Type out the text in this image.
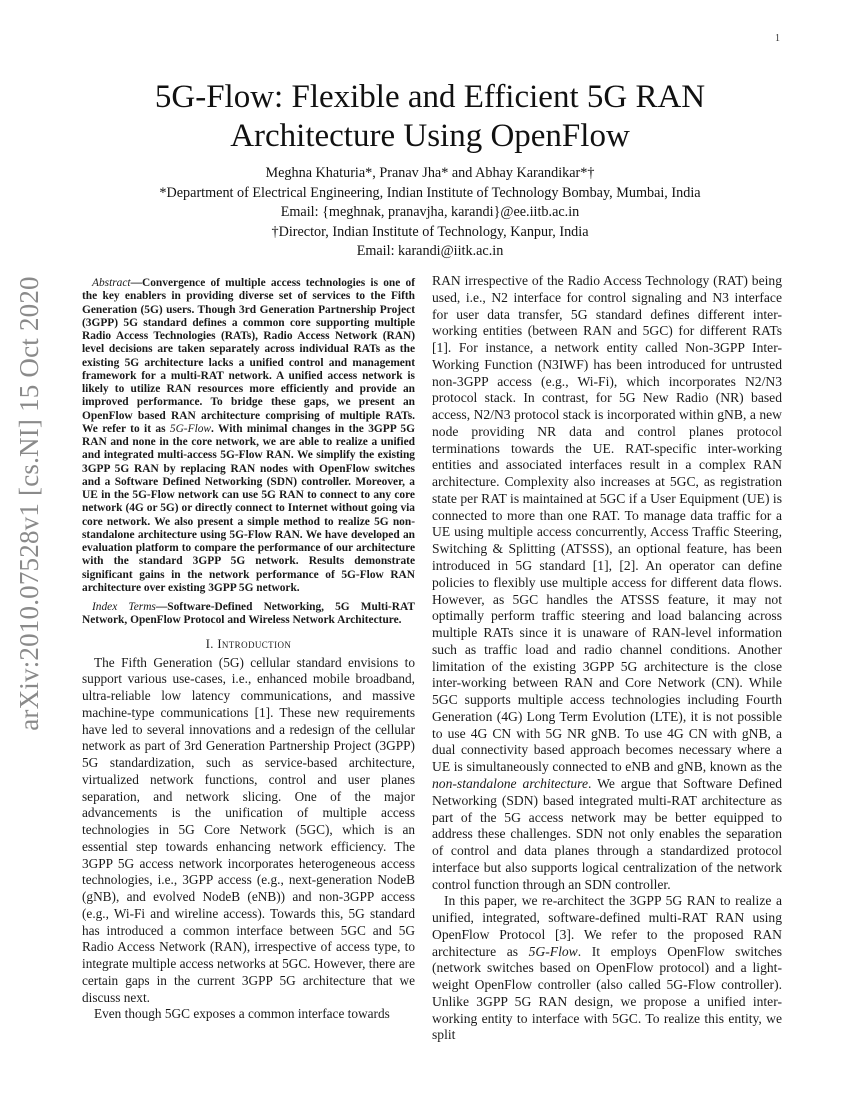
1
arXiv:2010.07528v1 [cs.NI] 15 Oct 2020
5G-Flow: Flexible and Efficient 5G RAN
Architecture Using OpenFlow
Meghna Khaturia*, Pranav Jha* and Abhay Karandikar*†
*Department of Electrical Engineering, Indian Institute of Technology Bombay, Mumbai, India
Email: {meghnak, pranavjha, karandi}@ee.iitb.ac.in
†Director, Indian Institute of Technology, Kanpur, India
Email: karandi@iitk.ac.in

Abstract—Convergence of multiple access technologies is one of the key enablers in providing diverse set of services to the Fifth Generation (5G) users. Though 3rd Generation Partnership Project (3GPP) 5G standard defines a common core supporting multiple Radio Access Technologies (RATs), Radio Access Network (RAN) level decisions are taken separately across individual RATs as the existing 5G architecture lacks a unified control and management framework for a multi-RAT network. A unified access network is likely to utilize RAN resources more efficiently and provide an improved performance. To bridge these gaps, we present an OpenFlow based RAN architecture comprising of multiple RATs. We refer to it as 5G-Flow. With minimal changes in the 3GPP 5G RAN and none in the core network, we are able to realize a unified and integrated multi-access 5G-Flow RAN. We simplify the existing 3GPP 5G RAN by replacing RAN nodes with OpenFlow switches and a Software Defined Networking (SDN) controller. Moreover, a UE in the 5G-Flow network can use 5G RAN to connect to any core network (4G or 5G) or directly connect to Internet without going via core network. We also present a simple method to realize 5G non-standalone architecture using 5G-Flow RAN. We have developed an evaluation platform to compare the performance of our architecture with the standard 3GPP 5G network. Results demonstrate significant gains in the network performance of 5G-Flow RAN architecture over existing 3GPP 5G network.

Index Terms—Software-Defined Networking, 5G Multi-RAT Network, OpenFlow Protocol and Wireless Network Architecture.

I. Introduction

The Fifth Generation (5G) cellular standard envisions to support various use-cases, i.e., enhanced mobile broadband, ultra-reliable low latency communications, and massive machine-type communications [1]. These new requirements have led to several innovations and a redesign of the cellular network as part of 3rd Generation Partnership Project (3GPP) 5G standardization, such as service-based architecture, virtualized network functions, control and user planes separation, and network slicing. One of the major advancements is the unification of multiple access technologies in 5G Core Network (5GC), which is an essential step towards enhancing network efficiency. The 3GPP 5G access network incorporates heterogeneous access technologies, i.e., 3GPP access (e.g., next-generation NodeB (gNB), and evolved NodeB (eNB)) and non-3GPP access (e.g., Wi-Fi and wireline access). Towards this, 5G standard has introduced a common interface between 5GC and 5G Radio Access Network (RAN), irrespective of access type, to integrate multiple access networks at 5GC. However, there are certain gaps in the current 3GPP 5G architecture that we discuss next.

Even though 5GC exposes a common interface towards

RAN irrespective of the Radio Access Technology (RAT) being used, i.e., N2 interface for control signaling and N3 interface for user data transfer, 5G standard defines different inter-working entities (between RAN and 5GC) for different RATs [1]. For instance, a network entity called Non-3GPP Inter-Working Function (N3IWF) has been introduced for untrusted non-3GPP access (e.g., Wi-Fi), which incorporates N2/N3 protocol stack. In contrast, for 5G New Radio (NR) based access, N2/N3 protocol stack is incorporated within gNB, a new node providing NR data and control planes protocol terminations towards the UE. RAT-specific inter-working entities and associated interfaces result in a complex RAN architecture. Complexity also increases at 5GC, as registration state per RAT is maintained at 5GC if a User Equipment (UE) is connected to more than one RAT. To manage data traffic for a UE using multiple access concurrently, Access Traffic Steering, Switching & Splitting (ATSSS), an optional feature, has been introduced in 5G standard [1], [2]. An operator can define policies to flexibly use multiple access for different data flows. However, as 5GC handles the ATSSS feature, it may not optimally perform traffic steering and load balancing across multiple RATs since it is unaware of RAN-level information such as traffic load and radio channel conditions. Another limitation of the existing 3GPP 5G architecture is the close inter-working between RAN and Core Network (CN). While 5GC supports multiple access technologies including Fourth Generation (4G) Long Term Evolution (LTE), it is not possible to use 4G CN with 5G NR gNB. To use 4G CN with gNB, a dual connectivity based approach becomes necessary where a UE is simultaneously connected to eNB and gNB, known as the non-standalone architecture. We argue that Software Defined Networking (SDN) based integrated multi-RAT architecture as part of the 5G access network may be better equipped to address these challenges. SDN not only enables the separation of control and data planes through a standardized protocol interface but also supports logical centralization of the network control function through an SDN controller.

In this paper, we re-architect the 3GPP 5G RAN to realize a unified, integrated, software-defined multi-RAT RAN using OpenFlow Protocol [3]. We refer to the proposed RAN architecture as 5G-Flow. It employs OpenFlow switches (network switches based on OpenFlow protocol) and a light-weight OpenFlow controller (also called 5G-Flow controller). Unlike 3GPP 5G RAN design, we propose a unified inter-working entity to interface with 5GC. To realize this entity, we split
